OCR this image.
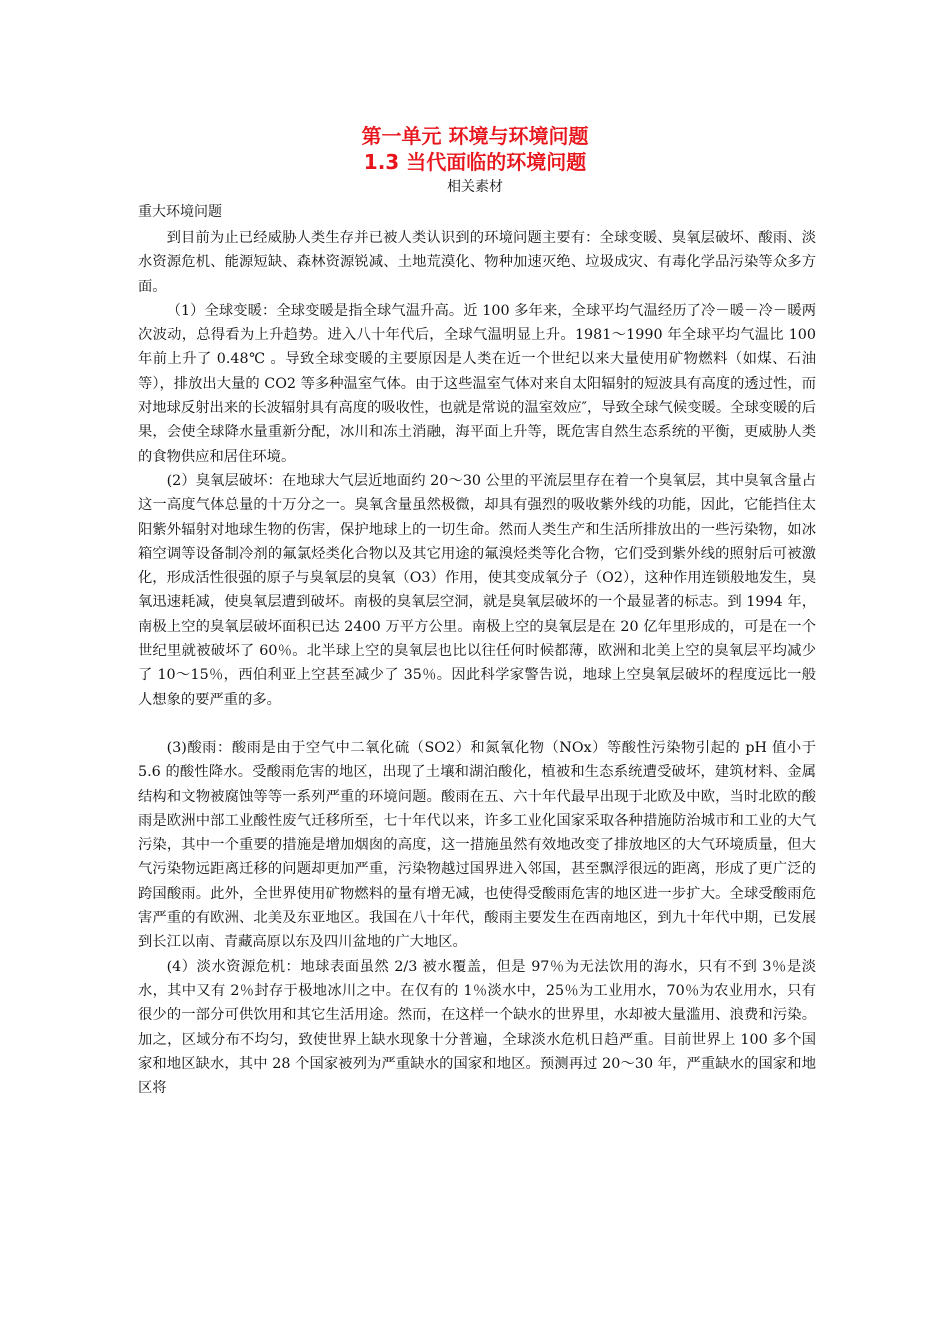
第一单元 环境与环境问题
1.3 当代面临的环境问题
相关素材
重大环境问题

到目前为止已经威胁人类生存并已被人类认识到的环境问题主要有：全球变暖、臭氧层破坏、酸雨、淡水资源危机、能源短缺、森林资源锐减、土地荒漠化、物种加速灭绝、垃圾成灾、有毒化学品污染等众多方面。

（1）全球变暖：全球变暖是指全球气温升高。近 100 多年来，全球平均气温经历了冷－暖－冷－暖两次波动，总得看为上升趋势。进入八十年代后，全球气温明显上升。1981～1990 年全球平均气温比 100 年前上升了 0.48℃ 。导致全球变暖的主要原因是人类在近一个世纪以来大量使用矿物燃料（如煤、石油等），排放出大量的 CO2 等多种温室气体。由于这些温室气体对来自太阳辐射的短波具有高度的透过性，而对地球反射出来的长波辐射具有高度的吸收性，也就是常说的温室效应″，导致全球气候变暖。全球变暖的后果，会使全球降水量重新分配，冰川和冻土消融，海平面上升等，既危害自然生态系统的平衡，更威胁人类的食物供应和居住环境。

(2）臭氧层破坏：在地球大气层近地面约 20～30 公里的平流层里存在着一个臭氧层，其中臭氧含量占这一高度气体总量的十万分之一。臭氧含量虽然极微，却具有强烈的吸收紫外线的功能，因此，它能挡住太阳紫外辐射对地球生物的伤害，保护地球上的一切生命。然而人类生产和生活所排放出的一些污染物，如冰箱空调等设备制冷剂的氟氯烃类化合物以及其它用途的氟溴烃类等化合物，它们受到紫外线的照射后可被激化，形成活性很强的原子与臭氧层的臭氧（O3）作用，使其变成氧分子（O2），这种作用连锁般地发生，臭氧迅速耗减，使臭氧层遭到破坏。南极的臭氧层空洞，就是臭氧层破坏的一个最显著的标志。到 1994 年，南极上空的臭氧层破坏面积已达 2400 万平方公里。南极上空的臭氧层是在 20 亿年里形成的，可是在一个世纪里就被破坏了 60％。北半球上空的臭氧层也比以往任何时候都薄，欧洲和北美上空的臭氧层平均减少了 10～15％，西伯利亚上空甚至减少了 35％。因此科学家警告说，地球上空臭氧层破坏的程度远比一般人想象的要严重的多。

(3)酸雨：酸雨是由于空气中二氧化硫（SO2）和氮氧化物（NOx）等酸性污染物引起的 pH 值小于 5.6 的酸性降水。受酸雨危害的地区，出现了土壤和湖泊酸化，植被和生态系统遭受破坏，建筑材料、金属结构和文物被腐蚀等等一系列严重的环境问题。酸雨在五、六十年代最早出现于北欧及中欧，当时北欧的酸雨是欧洲中部工业酸性废气迁移所至，七十年代以来，许多工业化国家采取各种措施防治城市和工业的大气污染，其中一个重要的措施是增加烟囱的高度，这一措施虽然有效地改变了排放地区的大气环境质量，但大气污染物远距离迁移的问题却更加严重，污染物越过国界进入邻国，甚至飘浮很远的距离，形成了更广泛的跨国酸雨。此外，全世界使用矿物燃料的量有增无减，也使得受酸雨危害的地区进一步扩大。全球受酸雨危害严重的有欧洲、北美及东亚地区。我国在八十年代，酸雨主要发生在西南地区，到九十年代中期，已发展到长江以南、青藏高原以东及四川盆地的广大地区。

(4）淡水资源危机：地球表面虽然 2/3 被水覆盖，但是 97％为无法饮用的海水，只有不到 3％是淡水，其中又有 2％封存于极地冰川之中。在仅有的 1％淡水中，25％为工业用水，70％为农业用水，只有很少的一部分可供饮用和其它生活用途。然而，在这样一个缺水的世界里，水却被大量滥用、浪费和污染。加之，区域分布不均匀，致使世界上缺水现象十分普遍，全球淡水危机日趋严重。目前世界上 100 多个国家和地区缺水，其中 28 个国家被列为严重缺水的国家和地区。预测再过 20～30 年，严重缺水的国家和地区将
